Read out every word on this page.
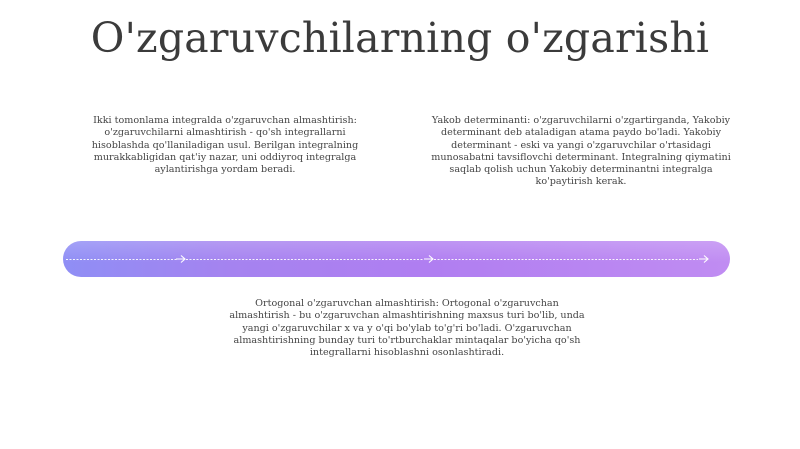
O'zgaruvchilarning o'zgarishi

Ikki tomonlama integralda o'zgaruvchan almashtirish: o'zgaruvchilarni almashtirish - qo'sh integrallarni hisoblashda qo'llaniladigan usul. Berilgan integralning murakkabligidan qat'iy nazar, uni oddiyroq integralga aylantirishga yordam beradi.

Yakob determinanti: o'zgaruvchilarni o'zgartirganda, Yakobiy determinant deb ataladigan atama paydo bo'ladi. Yakobiy determinant - eski va yangi o'zgaruvchilar o'rtasidagi munosabatni tavsiflovchi determinant. Integralning qiymatini saqlab qolish uchun Yakobiy determinantni integralga ko'paytirish kerak.

Ortogonal o'zgaruvchan almashtirish: Ortogonal o'zgaruvchan almashtirish - bu o'zgaruvchan almashtirishning maxsus turi bo'lib, unda yangi o'zgaruvchilar x va y o'qi bo'ylab to'g'ri bo'ladi. O'zgaruvchan almashtirishning bunday turi to'rtburchaklar mintaqalar bo'yicha qo'sh integrallarni hisoblashni osonlashtiradi.
